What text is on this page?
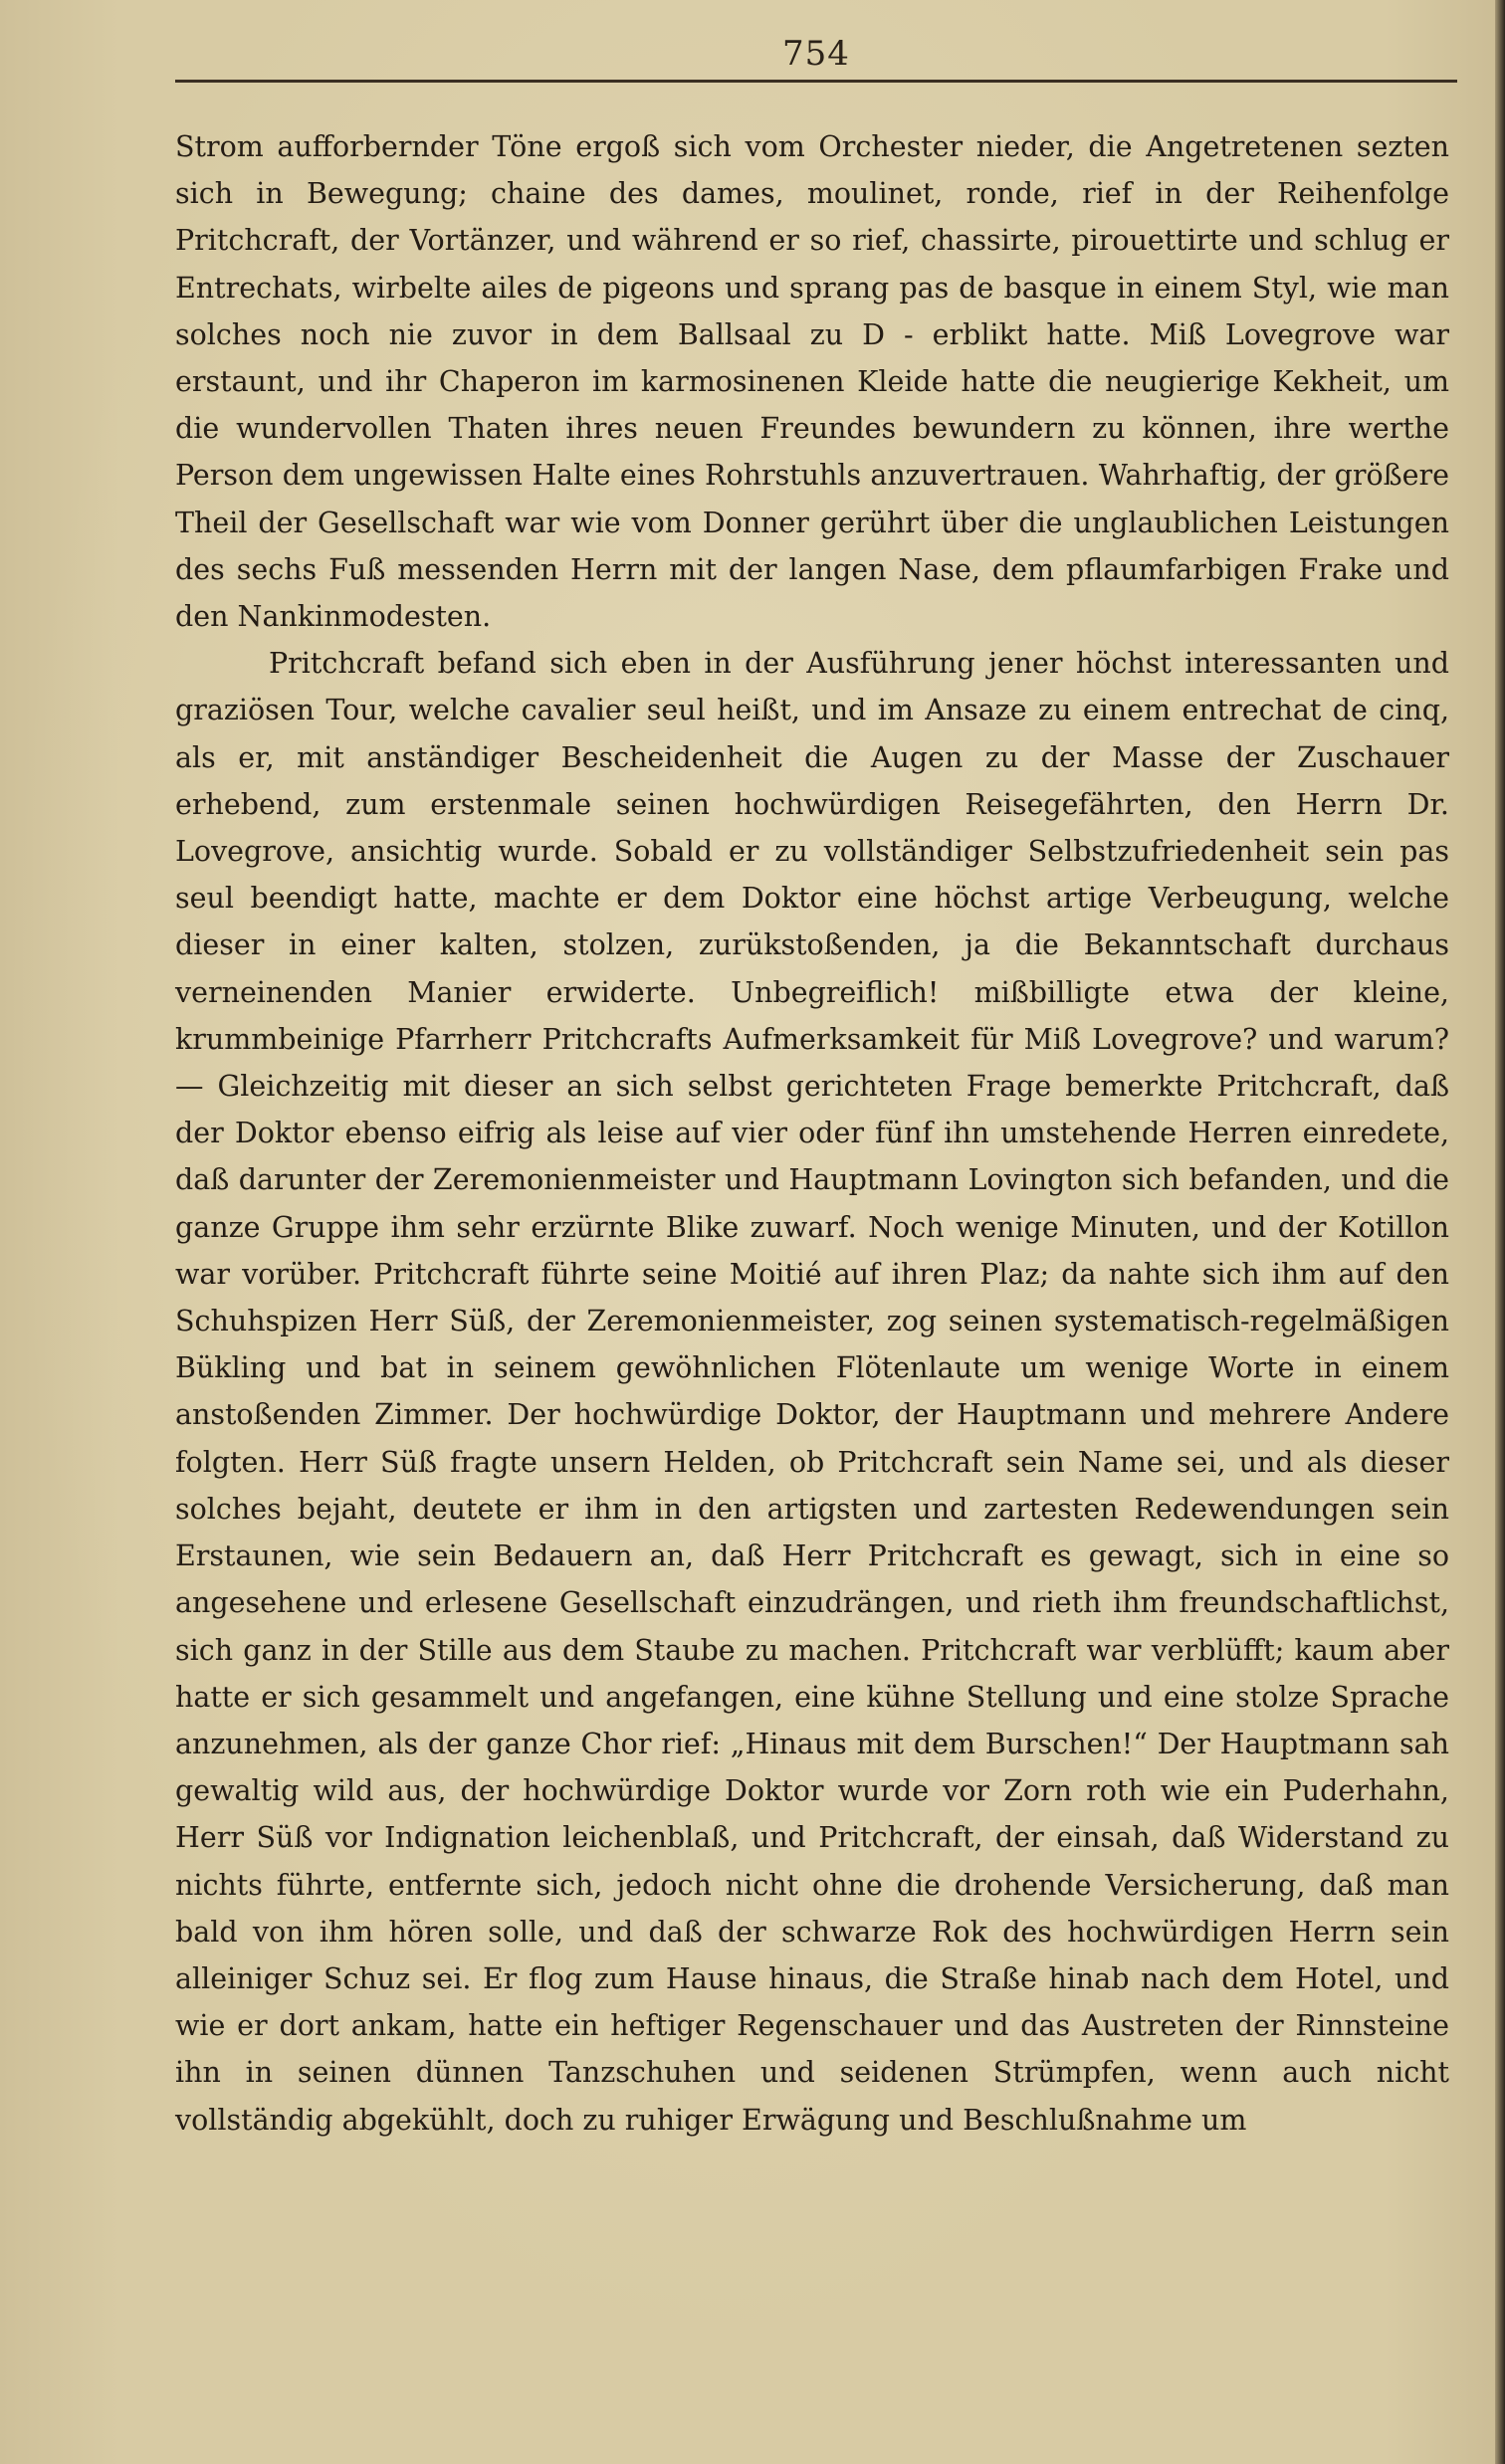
754

Strom aufforbernder Töne ergoß sich vom Orchester nieder, die Angetretenen sezten sich in Bewegung; chaine des dames, moulinet, ronde, rief in der Reihenfolge Pritchcraft, der Vortänzer, und während er so rief, chassirte, pirouettirte und schlug er Entrechats, wirbelte ailes de pigeons und sprang pas de basque in einem Styl, wie man solches noch nie zuvor in dem Ballsaal zu D - erblikt hatte. Miß Lovegrove war erstaunt, und ihr Chaperon im karmosinenen Kleide hatte die neugierige Kekheit, um die wundervollen Thaten ihres neuen Freundes bewundern zu können, ihre werthe Person dem ungewissen Halte eines Rohrstuhls anzuvertrauen. Wahrhaftig, der größere Theil der Gesellschaft war wie vom Donner gerührt über die unglaublichen Leistungen des sechs Fuß messenden Herrn mit der langen Nase, dem pflaumfarbigen Frake und den Nankinmodesten.

Pritchcraft befand sich eben in der Ausführung jener höchst interessanten und graziösen Tour, welche cavalier seul heißt, und im Ansaze zu einem entrechat de cinq, als er, mit anständiger Bescheidenheit die Augen zu der Masse der Zuschauer erhebend, zum erstenmale seinen hochwürdigen Reisegefährten, den Herrn Dr. Lovegrove, ansichtig wurde. Sobald er zu vollständiger Selbstzufriedenheit sein pas seul beendigt hatte, machte er dem Doktor eine höchst artige Verbeugung, welche dieser in einer kalten, stolzen, zurükstoßenden, ja die Bekanntschaft durchaus verneinenden Manier erwiderte. Unbegreiflich! mißbilligte etwa der kleine, krummbeinige Pfarrherr Pritchcrafts Aufmerksamkeit für Miß Lovegrove? und warum? — Gleichzeitig mit dieser an sich selbst gerichteten Frage bemerkte Pritchcraft, daß der Doktor ebenso eifrig als leise auf vier oder fünf ihn umstehende Herren einredete, daß darunter der Zeremonienmeister und Hauptmann Lovington sich befanden, und die ganze Gruppe ihm sehr erzürnte Blike zuwarf. Noch wenige Minuten, und der Kotillon war vorüber. Pritchcraft führte seine Moitié auf ihren Plaz; da nahte sich ihm auf den Schuhspizen Herr Süß, der Zeremonienmeister, zog seinen systematisch-regelmäßigen Bükling und bat in seinem gewöhnlichen Flötenlaute um wenige Worte in einem anstoßenden Zimmer. Der hochwürdige Doktor, der Hauptmann und mehrere Andere folgten. Herr Süß fragte unsern Helden, ob Pritchcraft sein Name sei, und als dieser solches bejaht, deutete er ihm in den artigsten und zartesten Redewendungen sein Erstaunen, wie sein Bedauern an, daß Herr Pritchcraft es gewagt, sich in eine so angesehene und erlesene Gesellschaft einzudrängen, und rieth ihm freundschaftlichst, sich ganz in der Stille aus dem Staube zu machen. Pritchcraft war verblüfft; kaum aber hatte er sich gesammelt und angefangen, eine kühne Stellung und eine stolze Sprache anzunehmen, als der ganze Chor rief: „Hinaus mit dem Burschen!“ Der Hauptmann sah gewaltig wild aus, der hochwürdige Doktor wurde vor Zorn roth wie ein Puderhahn, Herr Süß vor Indignation leichenblaß, und Pritchcraft, der einsah, daß Widerstand zu nichts führte, entfernte sich, jedoch nicht ohne die drohende Versicherung, daß man bald von ihm hören solle, und daß der schwarze Rok des hochwürdigen Herrn sein alleiniger Schuz sei. Er flog zum Hause hinaus, die Straße hinab nach dem Hotel, und wie er dort ankam, hatte ein heftiger Regenschauer und das Austreten der Rinnsteine ihn in seinen dünnen Tanzschuhen und seidenen Strümpfen, wenn auch nicht vollständig abgekühlt, doch zu ruhiger Erwägung und Beschlußnahme um
